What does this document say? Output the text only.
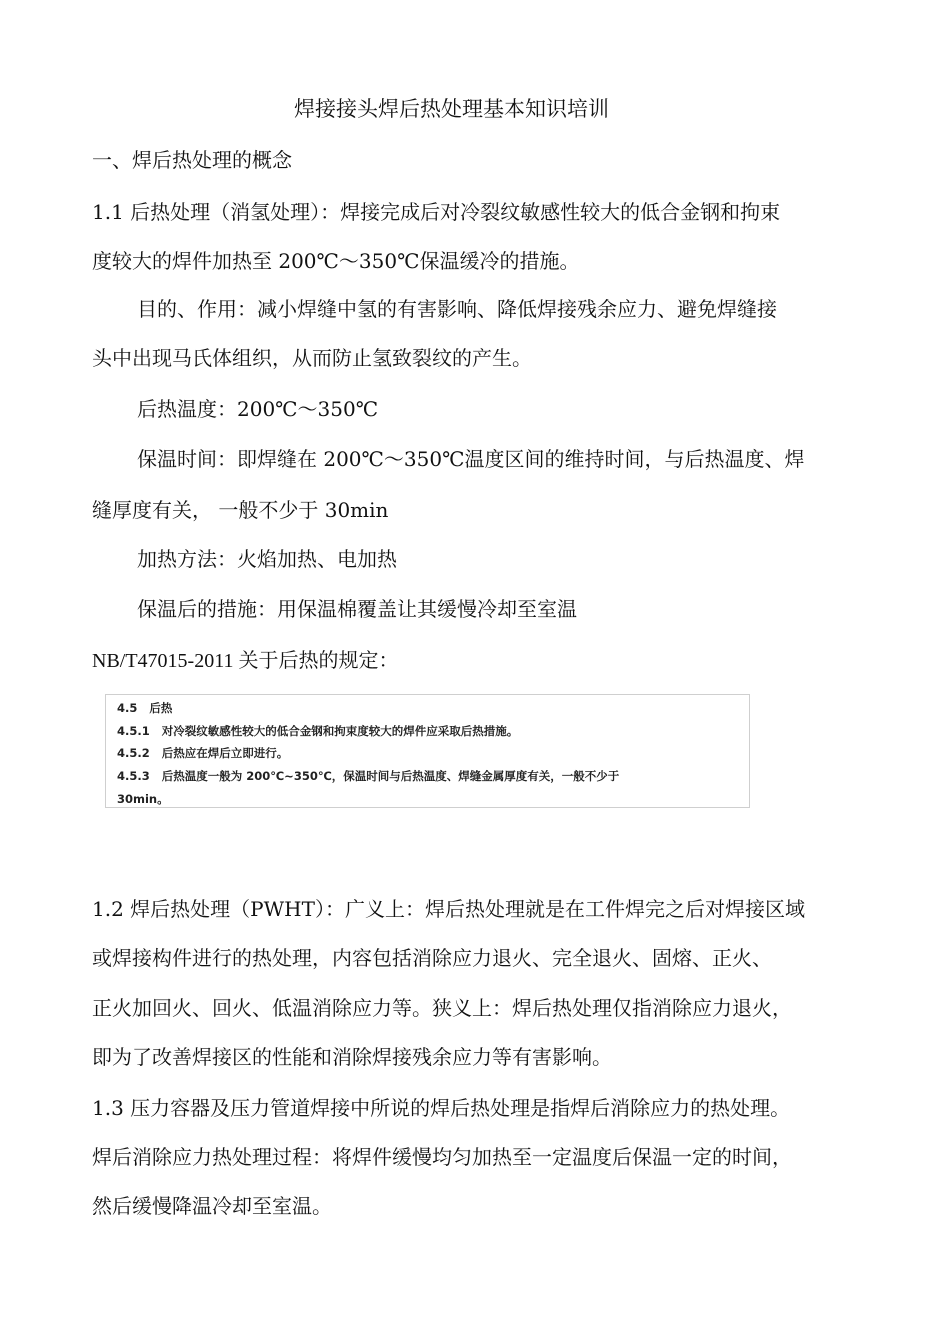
焊接接头焊后热处理基本知识培训

一、焊后热处理的概念

1.1 后热处理（消氢处理）：焊接完成后对冷裂纹敏感性较大的低合金钢和拘束

度较大的焊件加热至 200℃～350℃保温缓冷的措施。

目的、作用：减小焊缝中氢的有害影响、降低焊接残余应力、避免焊缝接

头中出现马氏体组织，从而防止氢致裂纹的产生。

后热温度：200℃～350℃

保温时间：即焊缝在 200℃～350℃温度区间的维持时间，与后热温度、焊

缝厚度有关， 一般不少于 30min

加热方法：火焰加热、电加热

保温后的措施：用保温棉覆盖让其缓慢冷却至室温

NB/T47015-2011 关于后热的规定：

4.5 后热
4.5.1 对冷裂纹敏感性较大的低合金钢和拘束度较大的焊件应采取后热措施。
4.5.2 后热应在焊后立即进行。
4.5.3 后热温度一般为 200℃~350℃，保温时间与后热温度、焊缝金属厚度有关，一般不少于
30min。

1.2 焊后热处理（PWHT）：广义上：焊后热处理就是在工件焊完之后对焊接区域

或焊接构件进行的热处理，内容包括消除应力退火、完全退火、固熔、正火、

正火加回火、回火、低温消除应力等。狭义上：焊后热处理仅指消除应力退火，

即为了改善焊接区的性能和消除焊接残余应力等有害影响。

1.3 压力容器及压力管道焊接中所说的焊后热处理是指焊后消除应力的热处理。

焊后消除应力热处理过程：将焊件缓慢均匀加热至一定温度后保温一定的时间，

然后缓慢降温冷却至室温。
